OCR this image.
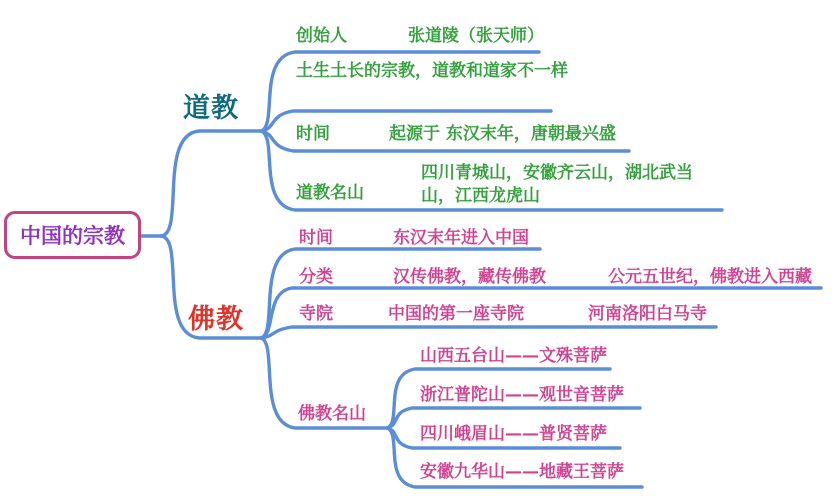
中国的宗教
道教
佛教
创始人	张道陵（张天师）
土生土长的宗教，道教和道家不一样
时间	起源于 东汉末年，唐朝最兴盛
道教名山
四川青城山，安徽齐云山，湖北武当山，江西龙虎山
时间	东汉末年进入中国
分类	汉传佛教，藏传佛教	公元五世纪，佛教进入西藏
寺院	中国的第一座寺院	河南洛阳白马寺
佛教名山
山西五台山——文殊菩萨
浙江普陀山——观世音菩萨
四川峨眉山——普贤菩萨
安徽九华山——地藏王菩萨
